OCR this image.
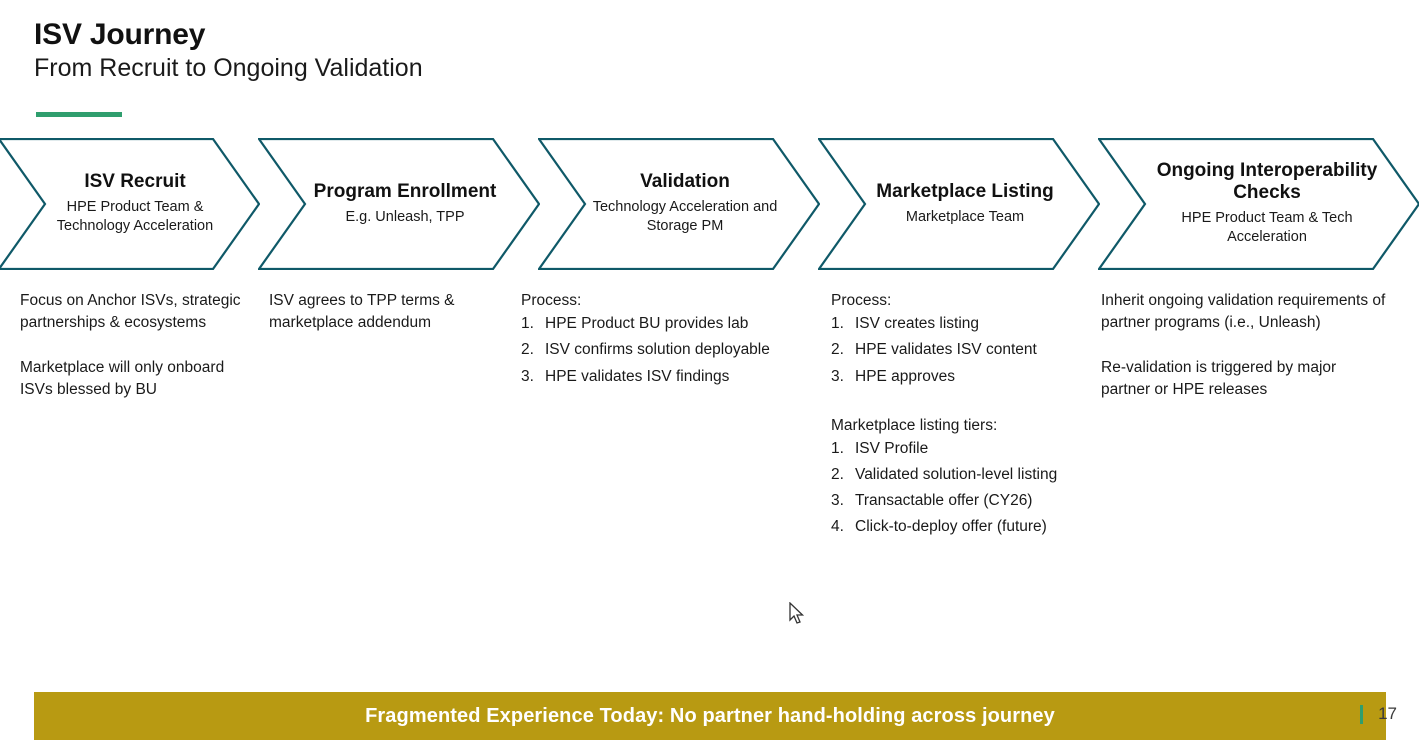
ISV Journey
From Recruit to Ongoing Validation
ISV Recruit
HPE Product Team & Technology Acceleration
Program Enrollment
E.g. Unleash, TPP
Validation
Technology Acceleration and Storage PM
Marketplace Listing
Marketplace Team
Ongoing Interoperability Checks
HPE Product Team & Tech Acceleration

Focus on Anchor ISVs, strategic partnerships & ecosystems

Marketplace will only onboard ISVs blessed by BU

ISV agrees to TPP terms & marketplace addendum

Process:

HPE Product BU provides lab
ISV confirms solution deployable
HPE validates ISV findings

Process:

ISV creates listing
HPE validates ISV content
HPE approves

Marketplace listing tiers:

ISV Profile
Validated solution-level listing
Transactable offer (CY26)
Click-to-deploy offer (future)

Inherit ongoing validation requirements of partner programs (i.e., Unleash)

Re-validation is triggered by major partner or HPE releases

Fragmented Experience Today: No partner hand-holding across journey	17
